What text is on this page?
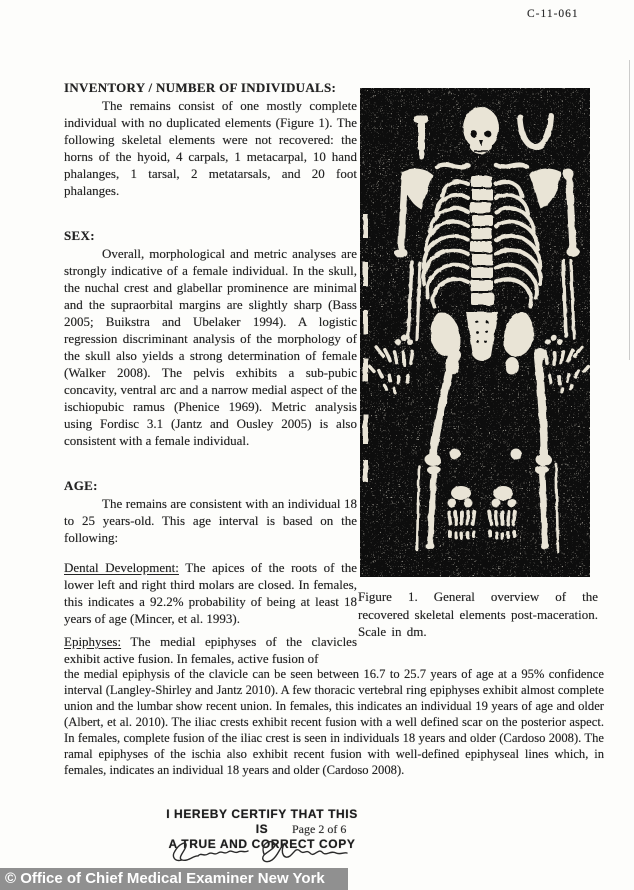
C-11-061
INVENTORY / NUMBER OF INDIVIDUALS:

The remains consist of one mostly complete individual with no duplicated elements (Figure 1). The following skeletal elements were not recovered: the horns of the hyoid, 4 carpals, 1 metacarpal, 10 hand phalanges, 1 tarsal, 2 metatarsals, and 20 foot phalanges.

SEX:

Overall, morphological and metric analyses are strongly indicative of a female individual. In the skull, the nuchal crest and glabellar prominence are minimal and the supraorbital margins are slightly sharp (Bass 2005; Buikstra and Ubelaker 1994). A logistic regression discriminant analysis of the morphology of the skull also yields a strong determination of female (Walker 2008). The pelvis exhibits a sub-pubic concavity, ventral arc and a narrow medial aspect of the ischiopubic ramus (Phenice 1969). Metric analysis using Fordisc 3.1 (Jantz and Ousley 2005) is also consistent with a female individual.

AGE:

The remains are consistent with an individual 18 to 25 years-old. This age interval is based on the following:

Dental Development: The apices of the roots of the lower left and right third molars are closed. In females, this indicates a 92.2% probability of being at least 18 years of age (Mincer, et al. 1993).

Epiphyses: The medial epiphyses of the clavicles exhibit active fusion. In females, active fusion of

the medial epiphysis of the clavicle can be seen between 16.7 to 25.7 years of age at a 95% confidence interval (Langley-Shirley and Jantz 2010). A few thoracic vertebral ring epiphyses exhibit almost complete union and the lumbar show recent union. In females, this indicates an individual 19 years of age and older (Albert, et al. 2010). The iliac crests exhibit recent fusion with a well defined scar on the posterior aspect. In females, complete fusion of the iliac crest is seen in individuals 18 years and older (Cardoso 2008). The ramal epiphyses of the ischia also exhibit recent fusion with well-defined epiphyseal lines which, in females, indicates an individual 18 years and older (Cardoso 2008).

Figure 1. General overview of the recovered skeletal elements post-maceration. Scale in dm.
I HEREBY CERTIFY THAT THIS IS
A TRUE AND CORRECT COPY
Page 2 of 6
© Office of Chief Medical Examiner New York
